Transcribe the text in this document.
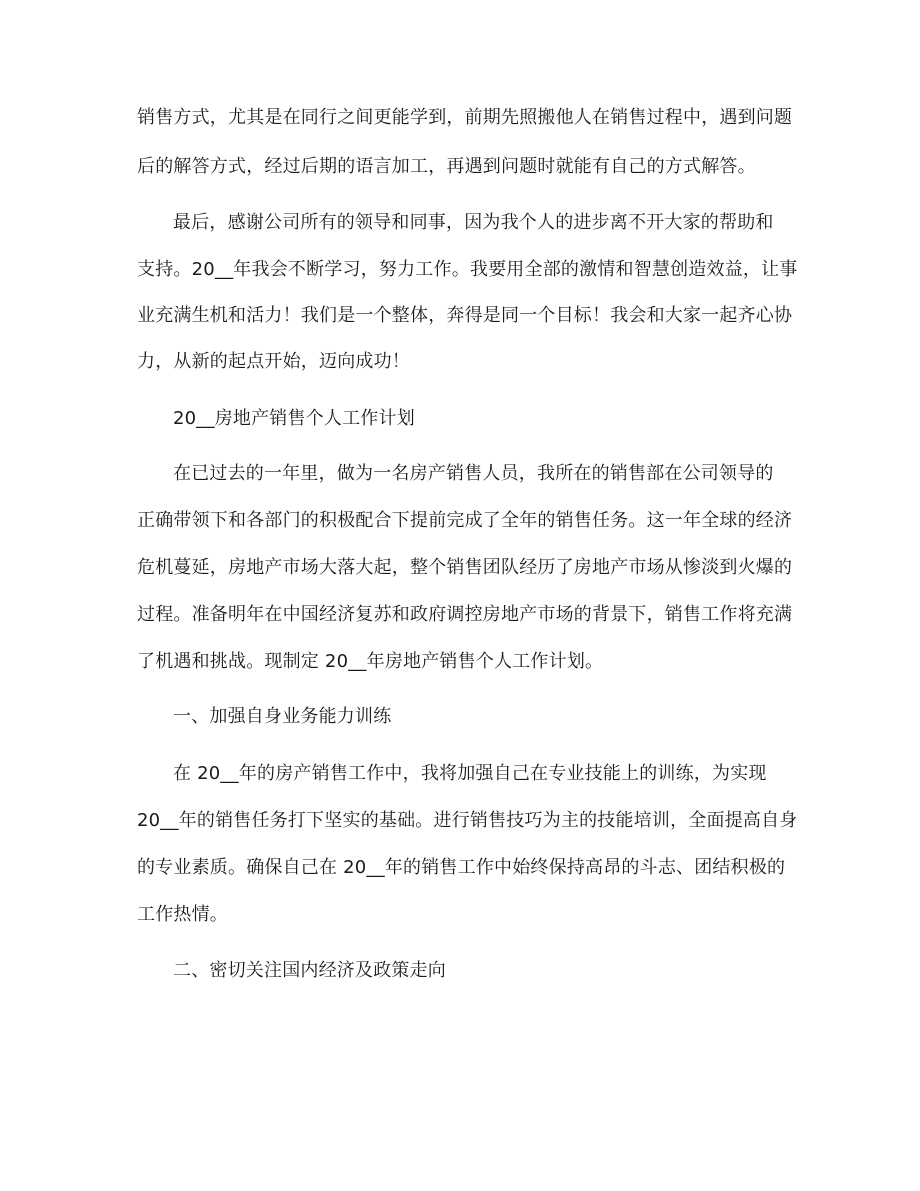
销售方式，尤其是在同行之间更能学到，前期先照搬他人在销售过程中，遇到问题
后的解答方式，经过后期的语言加工，再遇到问题时就能有自己的方式解答。
最后，感谢公司所有的领导和同事，因为我个人的进步离不开大家的帮助和
支持。20__年我会不断学习，努力工作。我要用全部的激情和智慧创造效益，让事
业充满生机和活力！我们是一个整体，奔得是同一个目标！我会和大家一起齐心协
力，从新的起点开始，迈向成功！
20__房地产销售个人工作计划
在已过去的一年里，做为一名房产销售人员，我所在的销售部在公司领导的
正确带领下和各部门的积极配合下提前完成了全年的销售任务。这一年全球的经济
危机蔓延，房地产市场大落大起，整个销售团队经历了房地产市场从惨淡到火爆的
过程。准备明年在中国经济复苏和政府调控房地产市场的背景下，销售工作将充满
了机遇和挑战。现制定 20__年房地产销售个人工作计划。
一、加强自身业务能力训练
在 20__年的房产销售工作中，我将加强自己在专业技能上的训练，为实现
20__年的销售任务打下坚实的基础。进行销售技巧为主的技能培训，全面提高自身
的专业素质。确保自己在 20__年的销售工作中始终保持高昂的斗志、团结积极的
工作热情。
二、密切关注国内经济及政策走向
